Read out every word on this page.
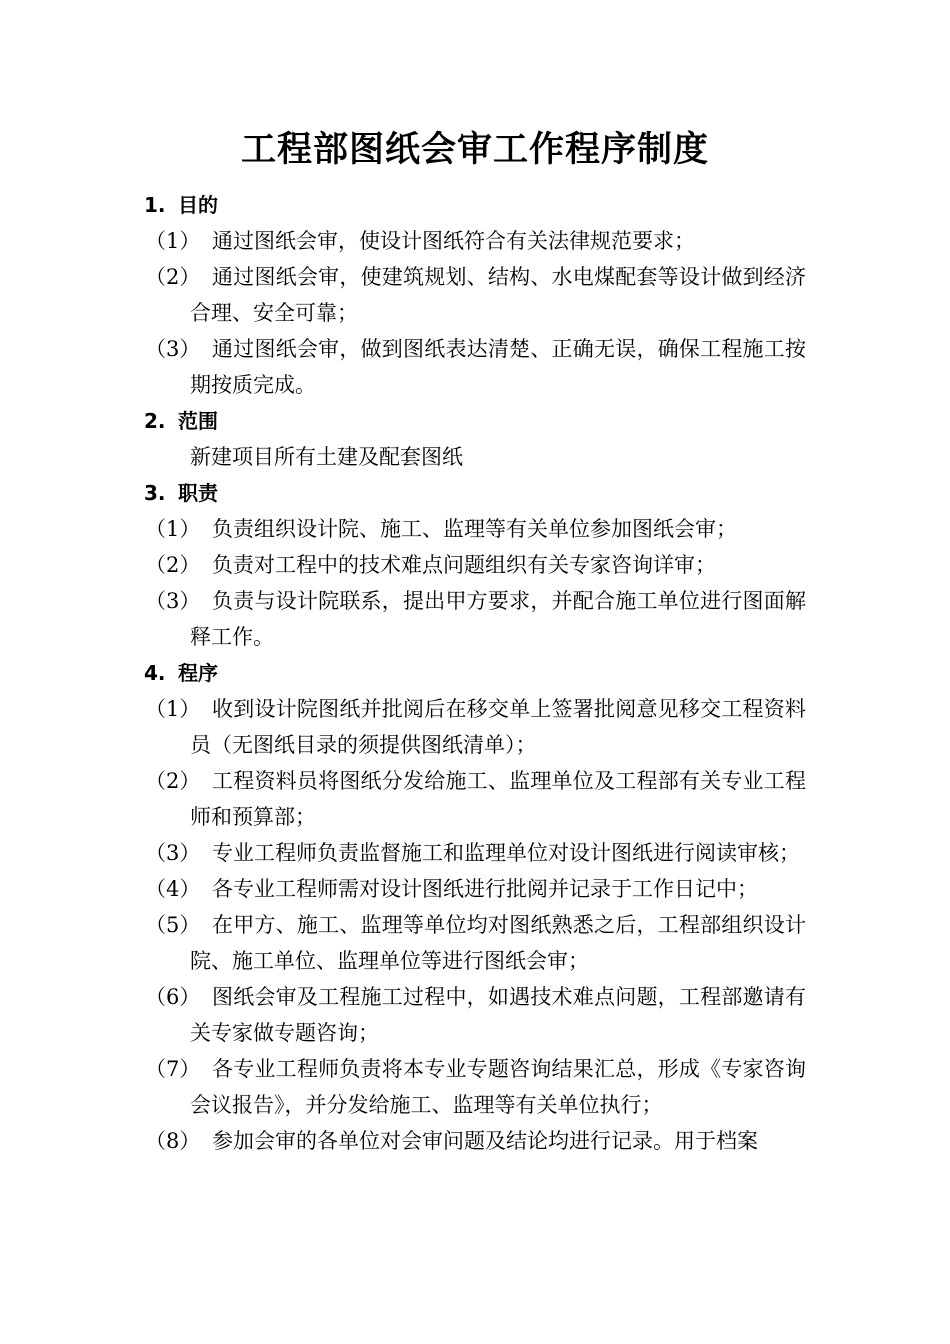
工程部图纸会审工作程序制度
1. 目的
（1） 通过图纸会审，使设计图纸符合有关法律规范要求；
（2） 通过图纸会审，使建筑规划、结构、水电煤配套等设计做到经济合理、安全可靠；
（3） 通过图纸会审，做到图纸表达清楚、正确无误，确保工程施工按期按质完成。
2. 范围
新建项目所有土建及配套图纸
3. 职责
（1） 负责组织设计院、施工、监理等有关单位参加图纸会审；
（2） 负责对工程中的技术难点问题组织有关专家咨询详审；
（3） 负责与设计院联系，提出甲方要求，并配合施工单位进行图面解释工作。
4. 程序
（1） 收到设计院图纸并批阅后在移交单上签署批阅意见移交工程资料员（无图纸目录的须提供图纸清单）；
（2） 工程资料员将图纸分发给施工、监理单位及工程部有关专业工程师和预算部；
（3） 专业工程师负责监督施工和监理单位对设计图纸进行阅读审核；
（4） 各专业工程师需对设计图纸进行批阅并记录于工作日记中；
（5） 在甲方、施工、监理等单位均对图纸熟悉之后，工程部组织设计院、施工单位、监理单位等进行图纸会审；
（6） 图纸会审及工程施工过程中，如遇技术难点问题，工程部邀请有关专家做专题咨询；
（7） 各专业工程师负责将本专业专题咨询结果汇总，形成《专家咨询会议报告》，并分发给施工、监理等有关单位执行；
（8） 参加会审的各单位对会审问题及结论均进行记录。用于档案
